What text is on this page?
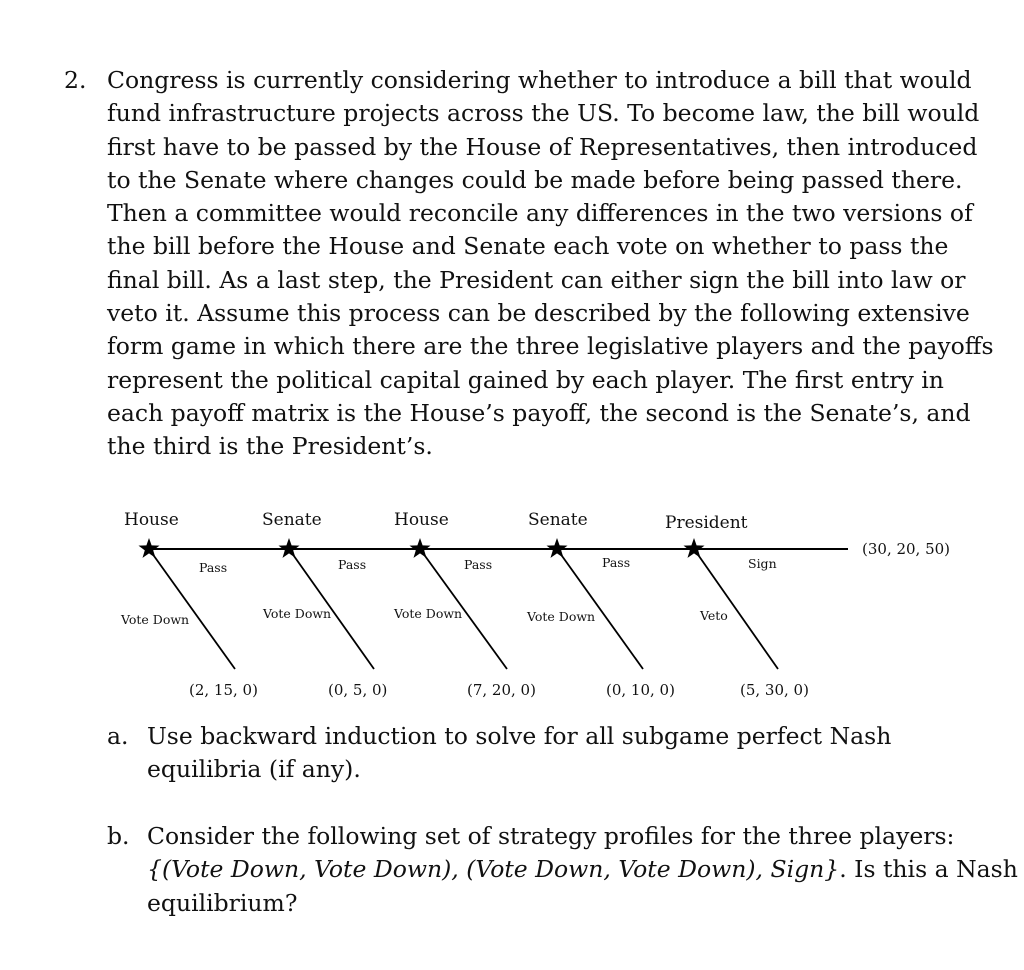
2. Congress is currently considering whether to introduce a bill that would
fund infrastructure projects across the US. To become law, the bill would
first have to be passed by the House of Representatives, then introduced
to the Senate where changes could be made before being passed there.
Then a committee would reconcile any differences in the two versions of
the bill before the House and Senate each vote on whether to pass the
final bill. As a last step, the President can either sign the bill into law or
veto it. Assume this process can be described by the following extensive
form game in which there are the three legislative players and the payoffs
represent the political capital gained by each player. The first entry in
each payoff matrix is the House’s payoff, the second is the Senate’s, and
the third is the President’s.
House
Pass
Vote Down
(2, 15, 0)
Senate
Pass
Vote Down
(0, 5, 0)
House
Pass
Vote Down
(7, 20, 0)
Senate
Pass
Vote Down
(0, 10, 0)
President
Sign
Veto
(5, 30, 0)
(30, 20, 50)
a. Use backward induction to solve for all subgame perfect Nash
equilibria (if any).
b. Consider the following set of strategy profiles for the three players:
{(Vote Down, Vote Down), (Vote Down, Vote Down), Sign}. Is this a Nash
equilibrium?
